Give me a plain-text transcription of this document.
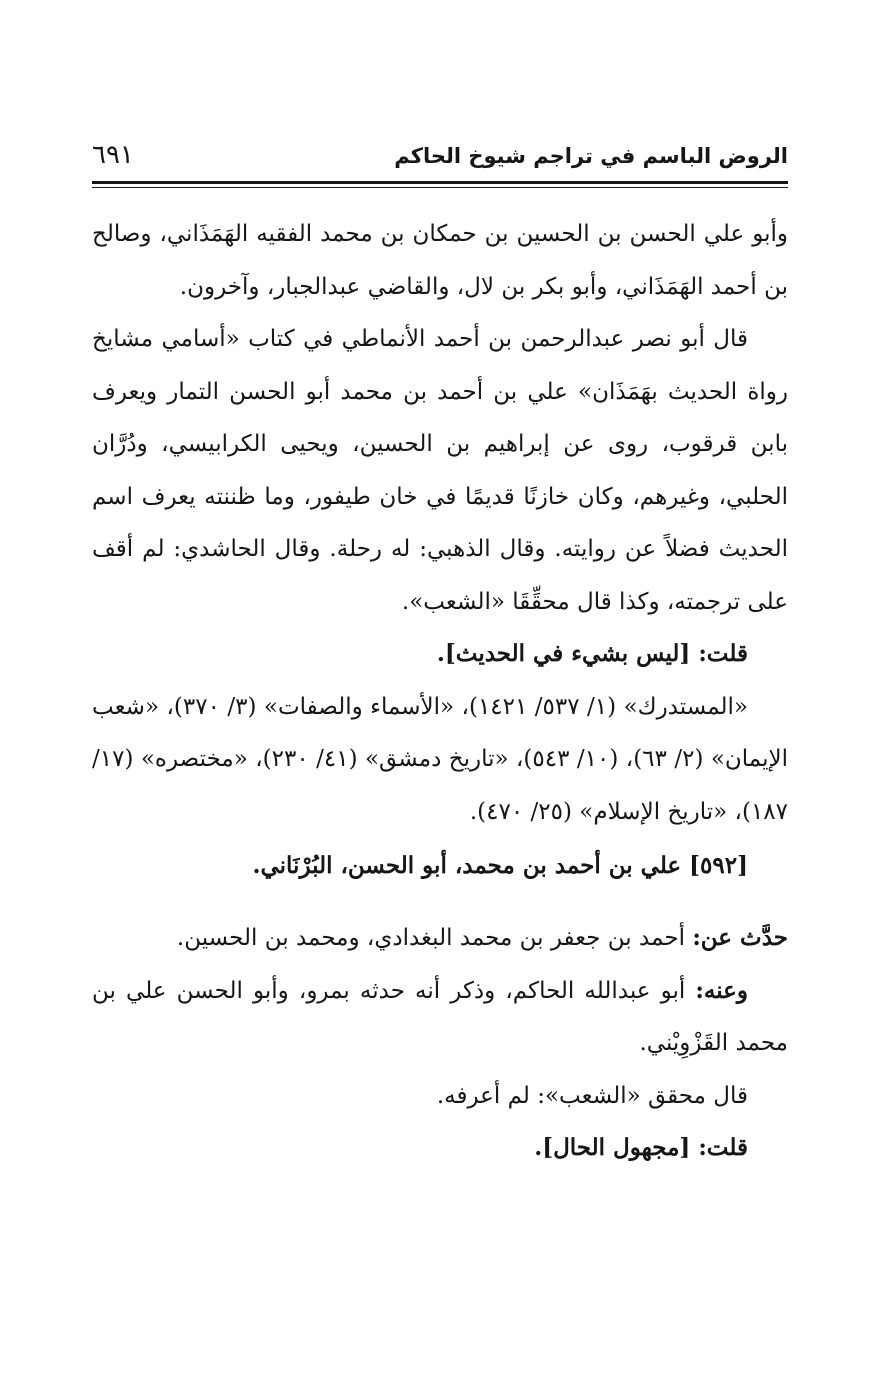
الروض الباسم في تراجم شيوخ الحاكم
٦٩١

وأبو علي الحسن بن الحسين بن حمكان بن محمد الفقيه الهَمَذَاني، وصالح بن أحمد الهَمَذَاني، وأبو بكر بن لال، والقاضي عبدالجبار، وآخرون.

قال أبو نصر عبدالرحمن بن أحمد الأنماطي في كتاب «أسامي مشايخ رواة الحديث بهَمَذَان» علي بن أحمد بن محمد أبو الحسن التمار ويعرف بابن قرقوب، روى عن إبراهيم بن الحسين، ويحيى الكرابيسي، ودُرَّان الحلبي، وغيرهم، وكان خازنًا قديمًا في خان طيفور، وما ظننته يعرف اسم الحديث فضلاً عن روايته. وقال الذهبي: له رحلة. وقال الحاشدي: لم أقف على ترجمته، وكذا قال محقِّقَا «الشعب».

قلت: [ليس بشيء في الحديث].

«المستدرك» (١/ ٥٣٧/ ١٤٢١)، «الأسماء والصفات» (٣/ ٣٧٠)، «شعب الإيمان» (٢/ ٦٣)، (١٠/ ٥٤٣)، «تاريخ دمشق» (٤١/ ٢٣٠)، «مختصره» (١٧/ ١٨٧)، «تاريخ الإسلام» (٢٥/ ٤٧٠).

[٥٩٢] علي بن أحمد بن محمد، أبو الحسن، البُرْنَاني.

حدَّث عن: أحمد بن جعفر بن محمد البغدادي، ومحمد بن الحسين.

وعنه: أبو عبدالله الحاكم، وذكر أنه حدثه بمرو، وأبو الحسن علي بن محمد القَزْوِيْني.

قال محقق «الشعب»: لم أعرفه.

قلت: [مجهول الحال].
